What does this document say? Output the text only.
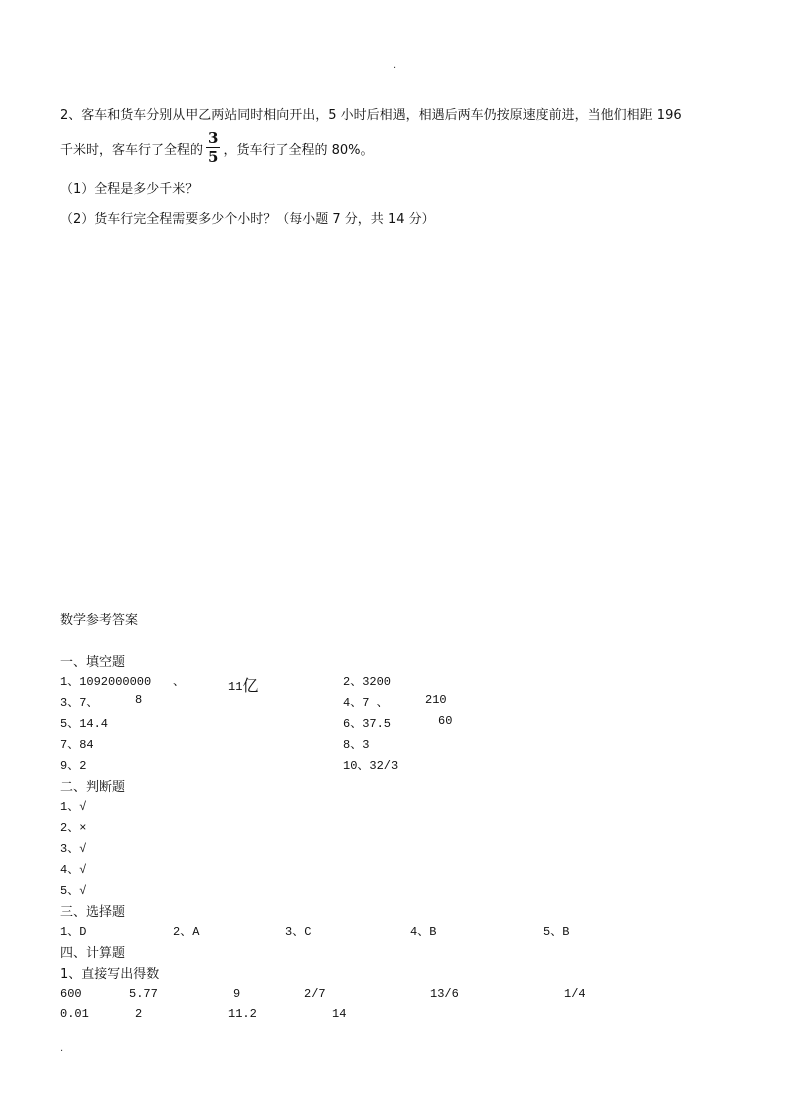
.
2、客车和货车分别从甲乙两站同时相向开出，5 小时后相遇，相遇后两车仍按原速度前进，当他们相距 196
千米时，客车行了全程的 $\frac{3}{5}$ ，货车行了全程的 80%。
（1）全程是多少千米？
（2）货车行完全程需要多少个小时？（每小题 7 分，共 14 分）
数学参考答案
一、填空题
1、1092000000 、	11亿	2、3200
3、7、	8	4、7 、	210
5、14.4	6、37.5	60
7、84	8、3
9、2	10、32/3
二、判断题
1、√
2、×
3、√
4、√
5、√
三、选择题
1、D	2、A	3、C	4、B	5、B
四、计算题
1、直接写出得数
600	5.77	9	2/7	13/6	1/4
0.01	2	11.2	14
.
